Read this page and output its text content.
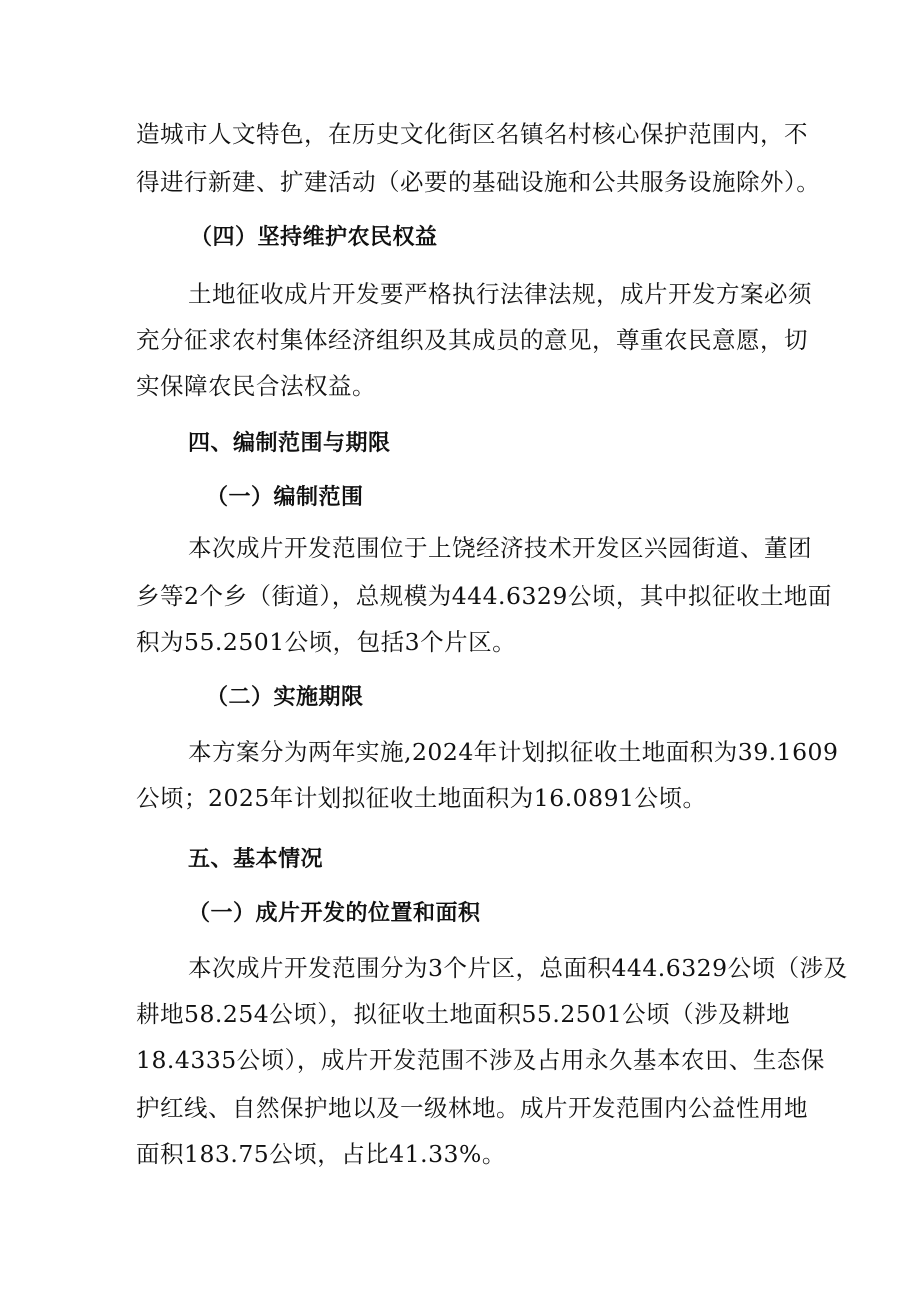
造城市人文特色，在历史文化街区名镇名村核心保护范围内，不
得进行新建、扩建活动（必要的基础设施和公共服务设施除外）。
（四）坚持维护农民权益
土地征收成片开发要严格执行法律法规，成片开发方案必须
充分征求农村集体经济组织及其成员的意见，尊重农民意愿，切
实保障农民合法权益。
四、编制范围与期限
（一）编制范围
本次成片开发范围位于上饶经济技术开发区兴园街道、董团
乡等2个乡（街道），总规模为444.6329公顷，其中拟征收土地面
积为55.2501公顷，包括3个片区。
（二）实施期限
本方案分为两年实施,2024年计划拟征收土地面积为39.1609
公顷；2025年计划拟征收土地面积为16.0891公顷。
五、基本情况
（一）成片开发的位置和面积
本次成片开发范围分为3个片区，总面积444.6329公顷（涉及
耕地58.254公顷），拟征收土地面积55.2501公顷（涉及耕地
18.4335公顷），成片开发范围不涉及占用永久基本农田、生态保
护红线、自然保护地以及一级林地。成片开发范围内公益性用地
面积183.75公顷，占比41.33%。
